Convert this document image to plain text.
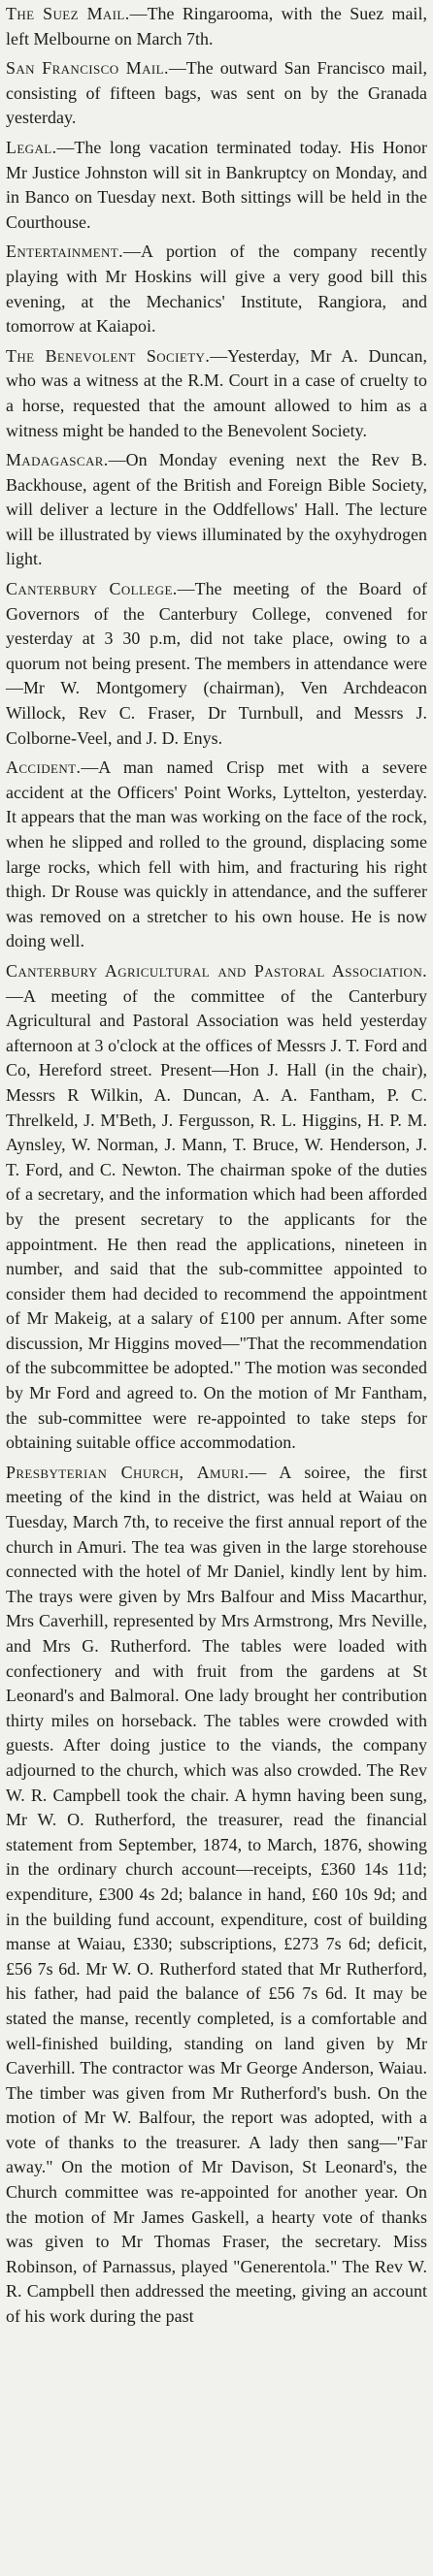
The Suez Mail.—The Ringarooma, with the Suez mail, left Melbourne on March 7th.

San Francisco Mail.—The outward San Francisco mail, consisting of fifteen bags, was sent on by the Granada yesterday.

Legal.—The long vacation terminated today. His Honor Mr Justice Johnston will sit in Bankruptcy on Monday, and in Banco on Tuesday next. Both sittings will be held in the Courthouse.

Entertainment.—A portion of the company recently playing with Mr Hoskins will give a very good bill this evening, at the Mechanics' Institute, Rangiora, and tomorrow at Kaiapoi.

The Benevolent Society.—Yesterday, Mr A. Duncan, who was a witness at the R.M. Court in a case of cruelty to a horse, requested that the amount allowed to him as a witness might be handed to the Benevolent Society.

Madagascar.—On Monday evening next the Rev B. Backhouse, agent of the British and Foreign Bible Society, will deliver a lecture in the Oddfellows' Hall. The lecture will be illustrated by views illuminated by the oxyhydrogen light.

Canterbury College.—The meeting of the Board of Governors of the Canterbury College, convened for yesterday at 3 30 p.m, did not take place, owing to a quorum not being present. The members in attendance were—Mr W. Montgomery (chairman), Ven Archdeacon Willock, Rev C. Fraser, Dr Turnbull, and Messrs J. Colborne-Veel, and J. D. Enys.

Accident.—A man named Crisp met with a severe accident at the Officers' Point Works, Lyttelton, yesterday. It appears that the man was working on the face of the rock, when he slipped and rolled to the ground, displacing some large rocks, which fell with him, and fracturing his right thigh. Dr Rouse was quickly in attendance, and the sufferer was removed on a stretcher to his own house. He is now doing well.

Canterbury Agricultural and Pastoral Association.—A meeting of the committee of the Canterbury Agricultural and Pastoral Association was held yesterday afternoon at 3 o'clock at the offices of Messrs J. T. Ford and Co, Hereford street. Present—Hon J. Hall (in the chair), Messrs R Wilkin, A. Duncan, A. A. Fantham, P. C. Threlkeld, J. M'Beth, J. Fergusson, R. L. Higgins, H. P. M. Aynsley, W. Norman, J. Mann, T. Bruce, W. Henderson, J. T. Ford, and C. Newton. The chairman spoke of the duties of a secretary, and the information which had been afforded by the present secretary to the applicants for the appointment. He then read the applications, nineteen in number, and said that the sub-committee appointed to consider them had decided to recommend the appointment of Mr Makeig, at a salary of £100 per annum. After some discussion, Mr Higgins moved—"That the recommendation of the subcommittee be adopted." The motion was seconded by Mr Ford and agreed to. On the motion of Mr Fantham, the sub-committee were re-appointed to take steps for obtaining suitable office accommodation.

Presbyterian Church, Amuri.— A soiree, the first meeting of the kind in the district, was held at Waiau on Tuesday, March 7th, to receive the first annual report of the church in Amuri. The tea was given in the large storehouse connected with the hotel of Mr Daniel, kindly lent by him. The trays were given by Mrs Balfour and Miss Macarthur, Mrs Caverhill, represented by Mrs Armstrong, Mrs Neville, and Mrs G. Rutherford. The tables were loaded with confectionery and with fruit from the gardens at St Leonard's and Balmoral. One lady brought her contribution thirty miles on horseback. The tables were crowded with guests. After doing justice to the viands, the company adjourned to the church, which was also crowded. The Rev W. R. Campbell took the chair. A hymn having been sung, Mr W. O. Rutherford, the treasurer, read the financial statement from September, 1874, to March, 1876, showing in the ordinary church account—receipts, £360 14s 11d; expenditure, £300 4s 2d; balance in hand, £60 10s 9d; and in the building fund account, expenditure, cost of building manse at Waiau, £330; subscriptions, £273 7s 6d; deficit, £56 7s 6d. Mr W. O. Rutherford stated that Mr Rutherford, his father, had paid the balance of £56 7s 6d. It may be stated the manse, recently completed, is a comfortable and well-finished building, standing on land given by Mr Caverhill. The contractor was Mr George Anderson, Waiau. The timber was given from Mr Rutherford's bush. On the motion of Mr W. Balfour, the report was adopted, with a vote of thanks to the treasurer. A lady then sang—"Far away." On the motion of Mr Davison, St Leonard's, the Church committee was re-appointed for another year. On the motion of Mr James Gaskell, a hearty vote of thanks was given to Mr Thomas Fraser, the secretary. Miss Robinson, of Parnassus, played "Generentola." The Rev W. R. Campbell then addressed the meeting, giving an account of his work during the past
